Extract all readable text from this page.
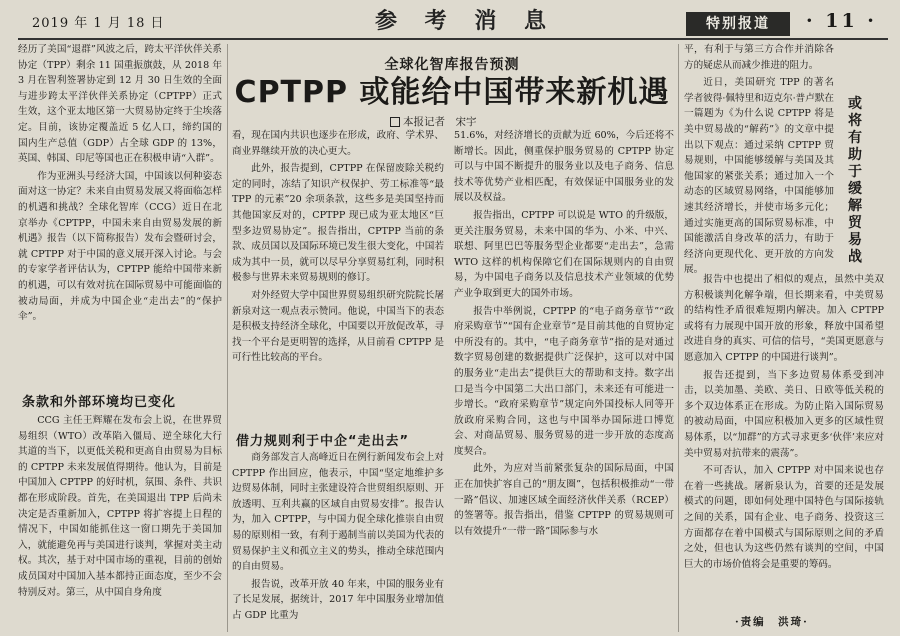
2019 年 1 月 18 日	参 考 消 息	特别报道	· 11 ·

经历了美国“退群”风波之后，跨太平洋伙伴关系协定（TPP）剩余 11 国重振旗鼓，从 2018 年 3 月在智利签署协定到 12 月 30 日生效的全面与进步跨太平洋伙伴关系协定（CPTPP）正式生效，这个亚太地区第一大贸易协定终于尘埃落定。目前，该协定覆盖近 5 亿人口，缔约国的国内生产总值（GDP）占全球 GDP 的 13%，英国、韩国、印尼等国也正在积极申请“入群”。

作为亚洲头号经济大国，中国该以何种姿态面对这一协定？未来自由贸易发展又将面临怎样的机遇和挑战？全球化智库（CCG）近日在北京举办《CPTPP，中国未来自由贸易发展的新机遇》报告（以下简称报告）发布会暨研讨会，就 CPTPP 对于中国的意义展开深入讨论。与会的专家学者评估认为，CPTPP 能给中国带来新的机遇，可以有效对抗在国际贸易中可能面临的被动局面，并成为中国企业“走出去”的“保护伞”。

条款和外部环境均已变化

CCG 主任王辉耀在发布会上说，在世界贸易组织（WTO）改革陷入僵局、逆全球化大行其道的当下，以更低关税和更高自由贸易为目标的 CPTPP 未来发展值得期待。他认为，目前是中国加入 CPTPP 的好时机，氛围、条件、共识都在形成阶段。首先，在美国退出 TPP 后尚未决定是否重新加入，CPTPP 将扩容提上日程的情况下，中国如能抓住这一窗口期先于美国加入，就能避免再与美国进行谈判，掌握对美主动权。其次，基于对中国市场的重视，目前的创始成员国对中国加入基本都持正面态度，至少不会特别反对。第三，从中国自身角度

全球化智库报告预测
CPTPP 或能给中国带来新机遇
本报记者　宋宇

看，现在国内共识也逐步在形成，政府、学术界、商业界继续开放的决心更大。

此外，报告提到，CPTPP 在保留废除关税约定的同时，冻结了知识产权保护、劳工标准等“最 TPP 的元素”20 余项条款，这些多是美国坚持而其他国家反对的，CPTPP 现已成为亚太地区“巨型多边贸易协定”。报告指出，CPTPP 当前的条款、成员国以及国际环境已发生很大变化，中国若成为其中一员，就可以尽早分享贸易红利，同时积极参与世界未来贸易规则的修订。

对外经贸大学中国世界贸易组织研究院院长屠新泉对这一观点表示赞同。他说，中国当下的表态是积极支持经济全球化，中国要以开放促改革，寻找一个平台是更明智的选择，从目前看 CPTPP 是可行性比较高的平台。

借力规则利于中企“走出去”

商务部发言人高峰近日在例行新闻发布会上对 CPTPP 作出回应，他表示，中国“坚定地维护多边贸易体制，同时主张建设符合世贸组织原则、开放透明、互利共赢的区域自由贸易安排”。报告认为，加入 CPTPP，与中国力促全球化推崇自由贸易的原则相一致，有利于遏制当前以美国为代表的贸易保护主义和孤立主义的势头，推动全球范围内的自由贸易。

报告说，改革开放 40 年来，中国的服务业有了长足发展，据统计，2017 年中国服务业增加值占 GDP 比重为

51.6%，对经济增长的贡献为近 60%，今后还将不断增长。因此，侧重保护服务贸易的 CPTPP 协定可以与中国不断提升的服务业以及电子商务、信息技术等优势产业相匹配，有效保证中国服务业的发展以及权益。

报告指出，CPTPP 可以说是 WTO 的升级版，更关注服务贸易，未来中国的华为、小米、中兴、联想、阿里巴巴等服务型企业都要“走出去”，急需 WTO 这样的机构保障它们在国际规则内的自由贸易，为中国电子商务以及信息技术产业领域的优势产业争取到更大的国外市场。

报告中举例说，CPTPP 的“电子商务章节”“政府采购章节”“国有企业章节”是目前其他的自贸协定中所没有的。其中，“电子商务章节”指的是对通过数字贸易创建的数据提供广泛保护，这可以对中国的服务业“走出去”提供巨大的帮助和支持。数字出口是当今中国第二大出口部门，未来还有可能进一步增长。“政府采购章节”规定向外国投标人同等开放政府采购合同，这也与中国举办国际进口博览会、对商品贸易、服务贸易的进一步开放的态度高度契合。

此外，为应对当前紧张复杂的国际局面，中国正在加快扩容自己的“朋友圈”，包括积极推动“一带一路”倡议、加速区域全面经济伙伴关系（RCEP）的签署等。报告指出，借鉴 CPTPP 的贸易规则可以有效提升“一带一路”国际参与水

平，有利于与第三方合作并消除各方的疑虑从而减少推进的阻力。

近日，美国研究 TPP 的著名学者彼得·佩特里和迈克尔·普卢默在一篇题为《为什么说 CPTPP 将是美中贸易战的“解药”》的文章中提出以下观点：通过采纳 CPTPP 贸易规则，中国能够缓解与美国及其他国家的紧张关系；通过加入一个动态的区域贸易网络，中国能够加速其经济增长，并使市场多元化；通过实施更高的国际贸易标准，中国能激活自身改革的活力，有助于经济向更现代化、更开放的方向发展。

或将有助于缓解贸易战

报告中也提出了相似的观点，虽然中美双方积极谈判化解争端，但长期来看，中美贸易的结构性矛盾很难短期内解决。加入 CPTPP 或将有力展现中国开放的形象，释放中国希望改进自身的真实、可信的信号，“美国更愿意与愿意加入 CPTPP 的中国进行谈判”。

报告还提到，当下多边贸易体系受到冲击，以美加墨、美欧、美日、日欧等低关税的多个双边体系正在形成。为防止陷入国际贸易的被动局面，中国应积极加入更多的区域性贸易体系，以“加群”的方式寻求更多‘伙伴’来应对美中贸易对抗带来的震荡”。

不可否认，加入 CPTPP 对中国来说也存在着一些挑战。屠新泉认为，首要的还是发展模式的问题，即如何处理中国特色与国际接轨之间的关系，国有企业、电子商务、投资这三方面都存在着中国模式与国际原则之间的矛盾之处，但也认为这些仍然有谈判的空间，中国巨大的市场价值将会是重要的筹码。

·责编　洪琦·
